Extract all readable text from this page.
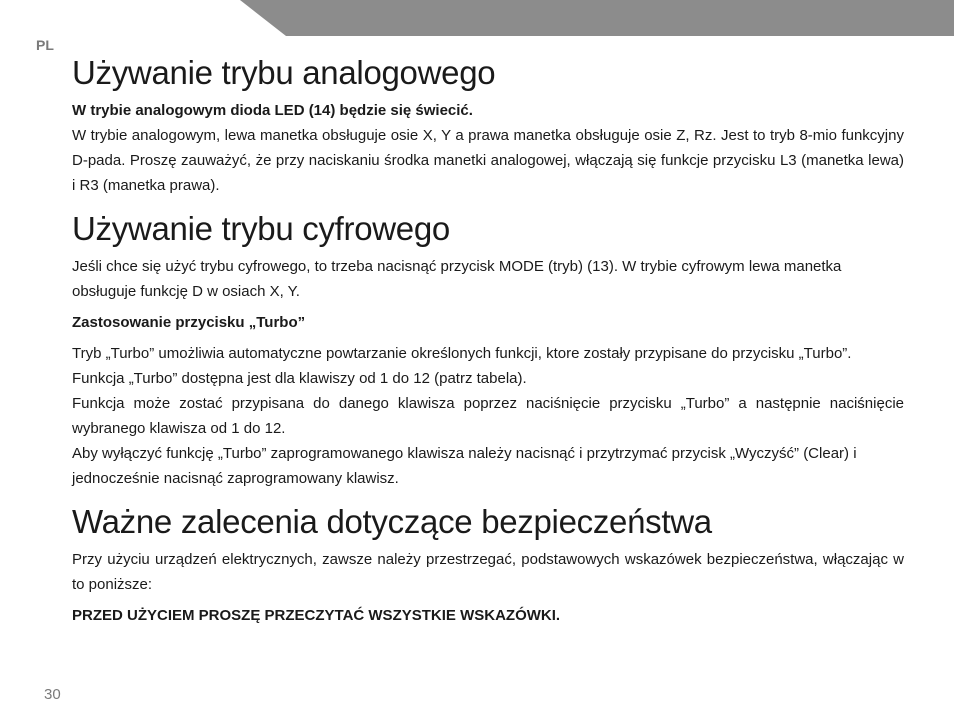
PL
Używanie trybu analogowego

W trybie analogowym dioda LED (14) będzie się świecić.

W trybie analogowym, lewa manetka obsługuje osie X, Y a prawa manetka obsługuje osie Z, Rz. Jest to tryb 8-mio funkcyjny D-pada. Proszę zauważyć, że przy naciskaniu środka manetki analogowej, włączają się funkcje przycisku L3 (manetka lewa) i R3 (manetka prawa).

Używanie trybu cyfrowego

Jeśli chce się użyć trybu cyfrowego, to trzeba nacisnąć przycisk MODE (tryb) (13). W trybie cyfrowym lewa manetka obsługuje funkcję D w osiach X, Y.

Zastosowanie przycisku „Turbo”

Tryb „Turbo” umożliwia automatyczne powtarzanie określonych funkcji, ktore zostały przypisane do przycisku „Turbo”. Funkcja „Turbo” dostępna jest dla klawiszy od 1 do 12 (patrz tabela).

Funkcja może zostać przypisana do danego klawisza poprzez naciśnięcie przycisku „Turbo” a następnie naciśnięcie wybranego klawisza od 1 do 12.

Aby wyłączyć funkcję „Turbo” zaprogramowanego klawisza należy nacisnąć i przytrzymać przycisk „Wyczyść” (Clear) i jednocześnie nacisnąć zaprogramowany klawisz.

Ważne zalecenia dotyczące bezpieczeństwa

Przy użyciu urządzeń elektrycznych, zawsze należy przestrzegać, podstawowych wskazówek bezpieczeństwa, włączając w to poniższe:

PRZED UŻYCIEM PROSZĘ PRZECZYTAĆ WSZYSTKIE WSKAZÓWKI.

30
